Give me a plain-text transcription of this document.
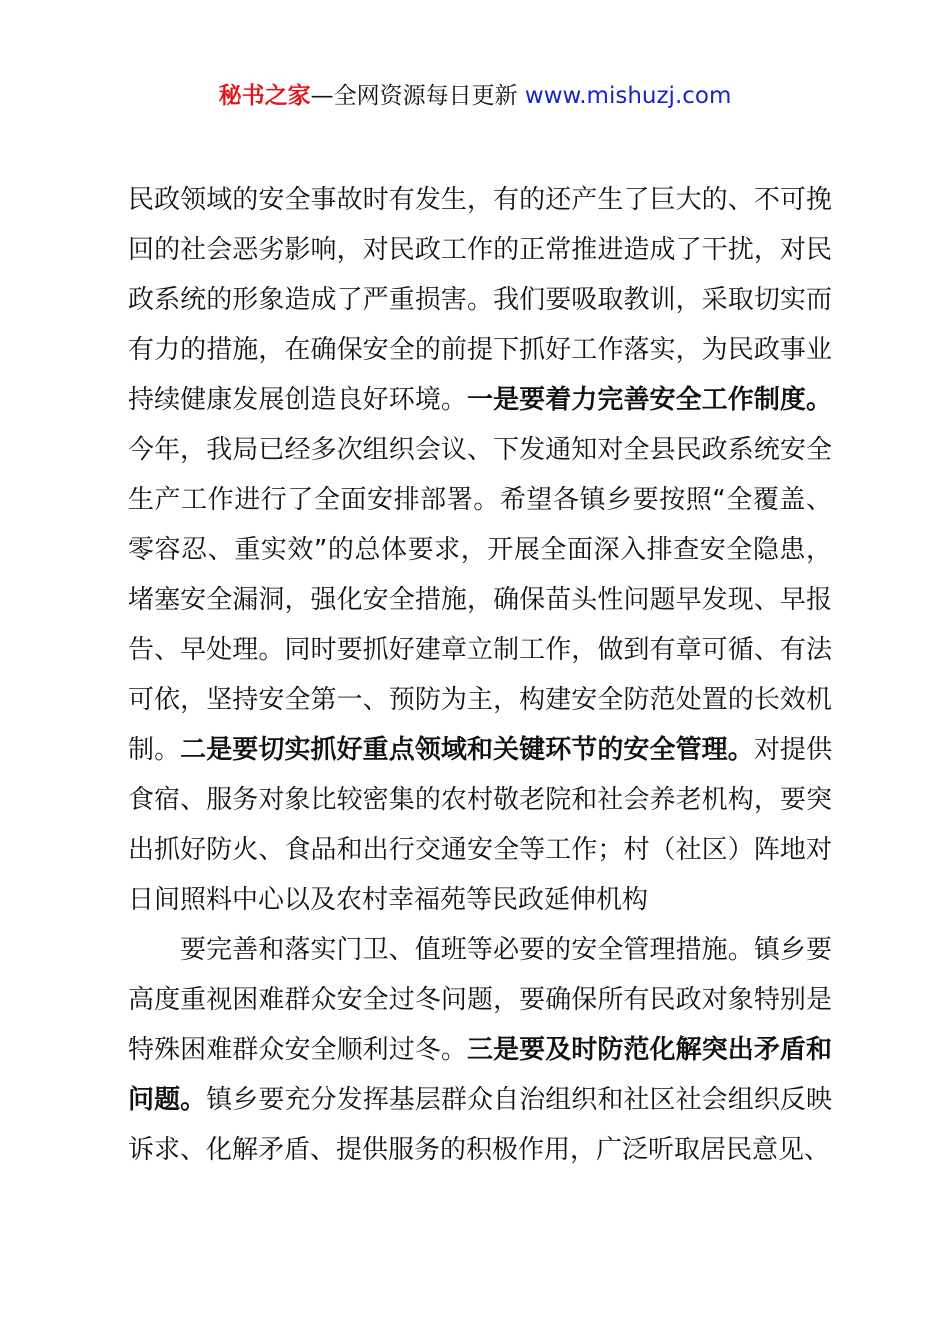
秘书之家—全网资源每日更新 www.mishuzj.com

民政领域的安全事故时有发生，有的还产生了巨大的、不可挽回的社会恶劣影响，对民政工作的正常推进造成了干扰，对民政系统的形象造成了严重损害。我们要吸取教训，采取切实而有力的措施，在确保安全的前提下抓好工作落实，为民政事业持续健康发展创造良好环境。一是要着力完善安全工作制度。今年，我局已经多次组织会议、下发通知对全县民政系统安全生产工作进行了全面安排部署。希望各镇乡要按照“全覆盖、零容忍、重实效”的总体要求，开展全面深入排查安全隐患，堵塞安全漏洞，强化安全措施，确保苗头性问题早发现、早报告、早处理。同时要抓好建章立制工作，做到有章可循、有法可依，坚持安全第一、预防为主，构建安全防范处置的长效机制。二是要切实抓好重点领域和关键环节的安全管理。对提供食宿、服务对象比较密集的农村敬老院和社会养老机构，要突出抓好防火、食品和出行交通安全等工作；村（社区）阵地对日间照料中心以及农村幸福苑等民政延伸机构

要完善和落实门卫、值班等必要的安全管理措施。镇乡要高度重视困难群众安全过冬问题，要确保所有民政对象特别是特殊困难群众安全顺利过冬。三是要及时防范化解突出矛盾和问题。镇乡要充分发挥基层群众自治组织和社区社会组织反映诉求、化解矛盾、提供服务的积极作用，广泛听取居民意见、
